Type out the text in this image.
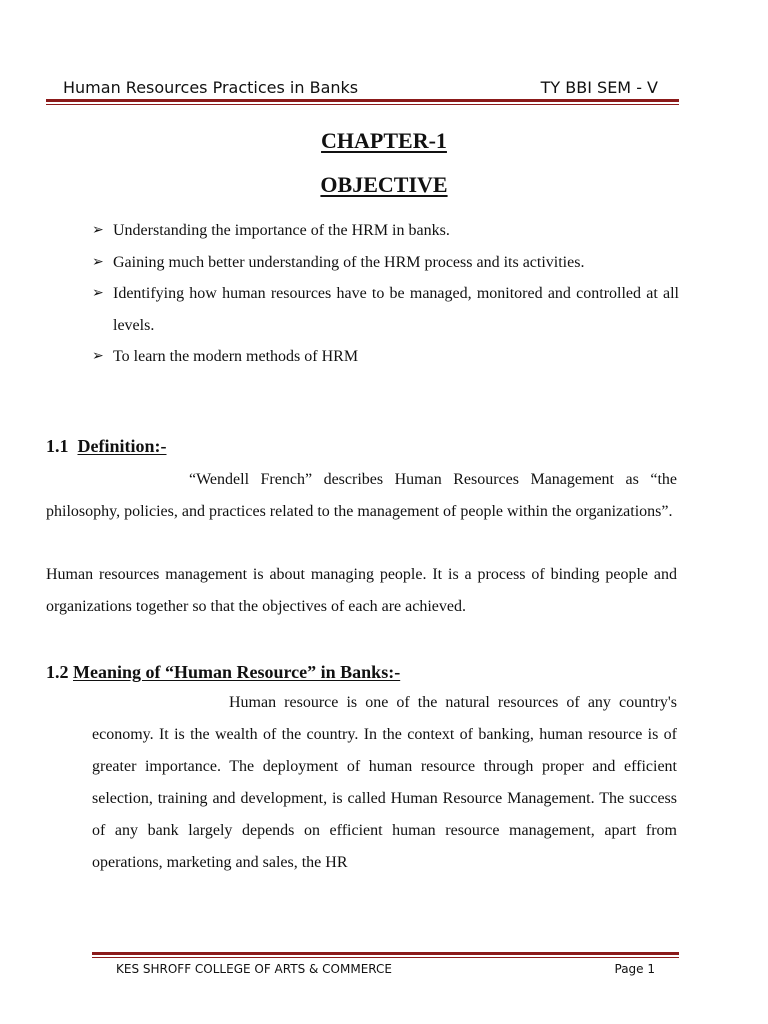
Human Resources Practices in Banks	TY BBI SEM - V
CHAPTER-1
OBJECTIVE
➢ Understanding the importance of the HRM in banks.
➢ Gaining much better understanding of the HRM process and its activities.
➢ Identifying how human resources have to be managed, monitored and controlled at all levels.
➢ To learn the modern methods of HRM
1.1 Definition:-
“Wendell French” describes Human Resources Management as “the philosophy, policies, and practices related to the management of people within the organizations”.
Human resources management is about managing people. It is a process of binding people and organizations together so that the objectives of each are achieved.
1.2 Meaning of “Human Resource” in Banks:-
Human resource is one of the natural resources of any country's economy. It is the wealth of the country. In the context of banking, human resource is of greater importance. The deployment of human resource through proper and efficient selection, training and development, is called Human Resource Management. The success of any bank largely depends on efficient human resource management, apart from operations, marketing and sales, the HR
KES SHROFF COLLEGE OF ARTS & COMMERCE	Page 1
